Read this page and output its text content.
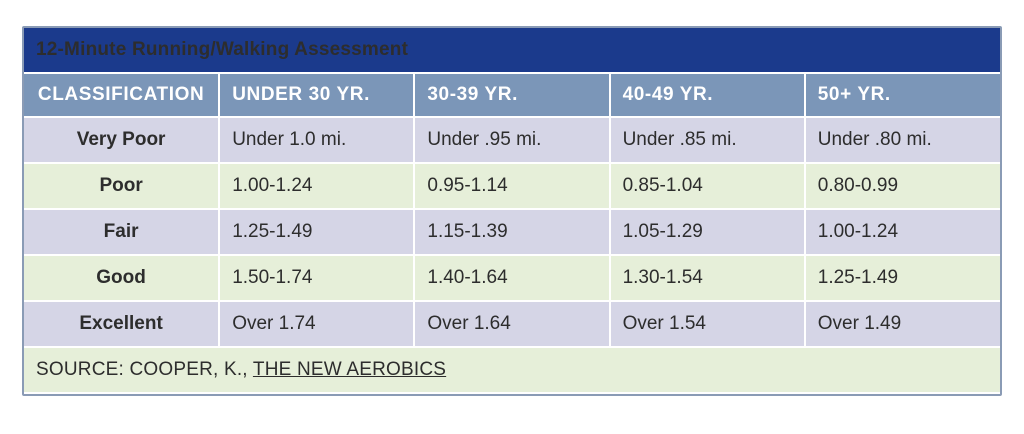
12-Minute Running/Walking Assessment				
CLASSIFICATION	UNDER 30 YR.	30-39 YR.	40-49 YR.	50+ YR.
Very Poor	Under 1.0 mi.	Under .95 mi.	Under .85 mi.	Under .80 mi.
Poor	1.00-1.24	0.95-1.14	0.85-1.04	0.80-0.99
Fair	1.25-1.49	1.15-1.39	1.05-1.29	1.00-1.24
Good	1.50-1.74	1.40-1.64	1.30-1.54	1.25-1.49
Excellent	Over 1.74	Over 1.64	Over 1.54	Over 1.49
SOURCE: COOPER, K., THE NEW AEROBICS				
